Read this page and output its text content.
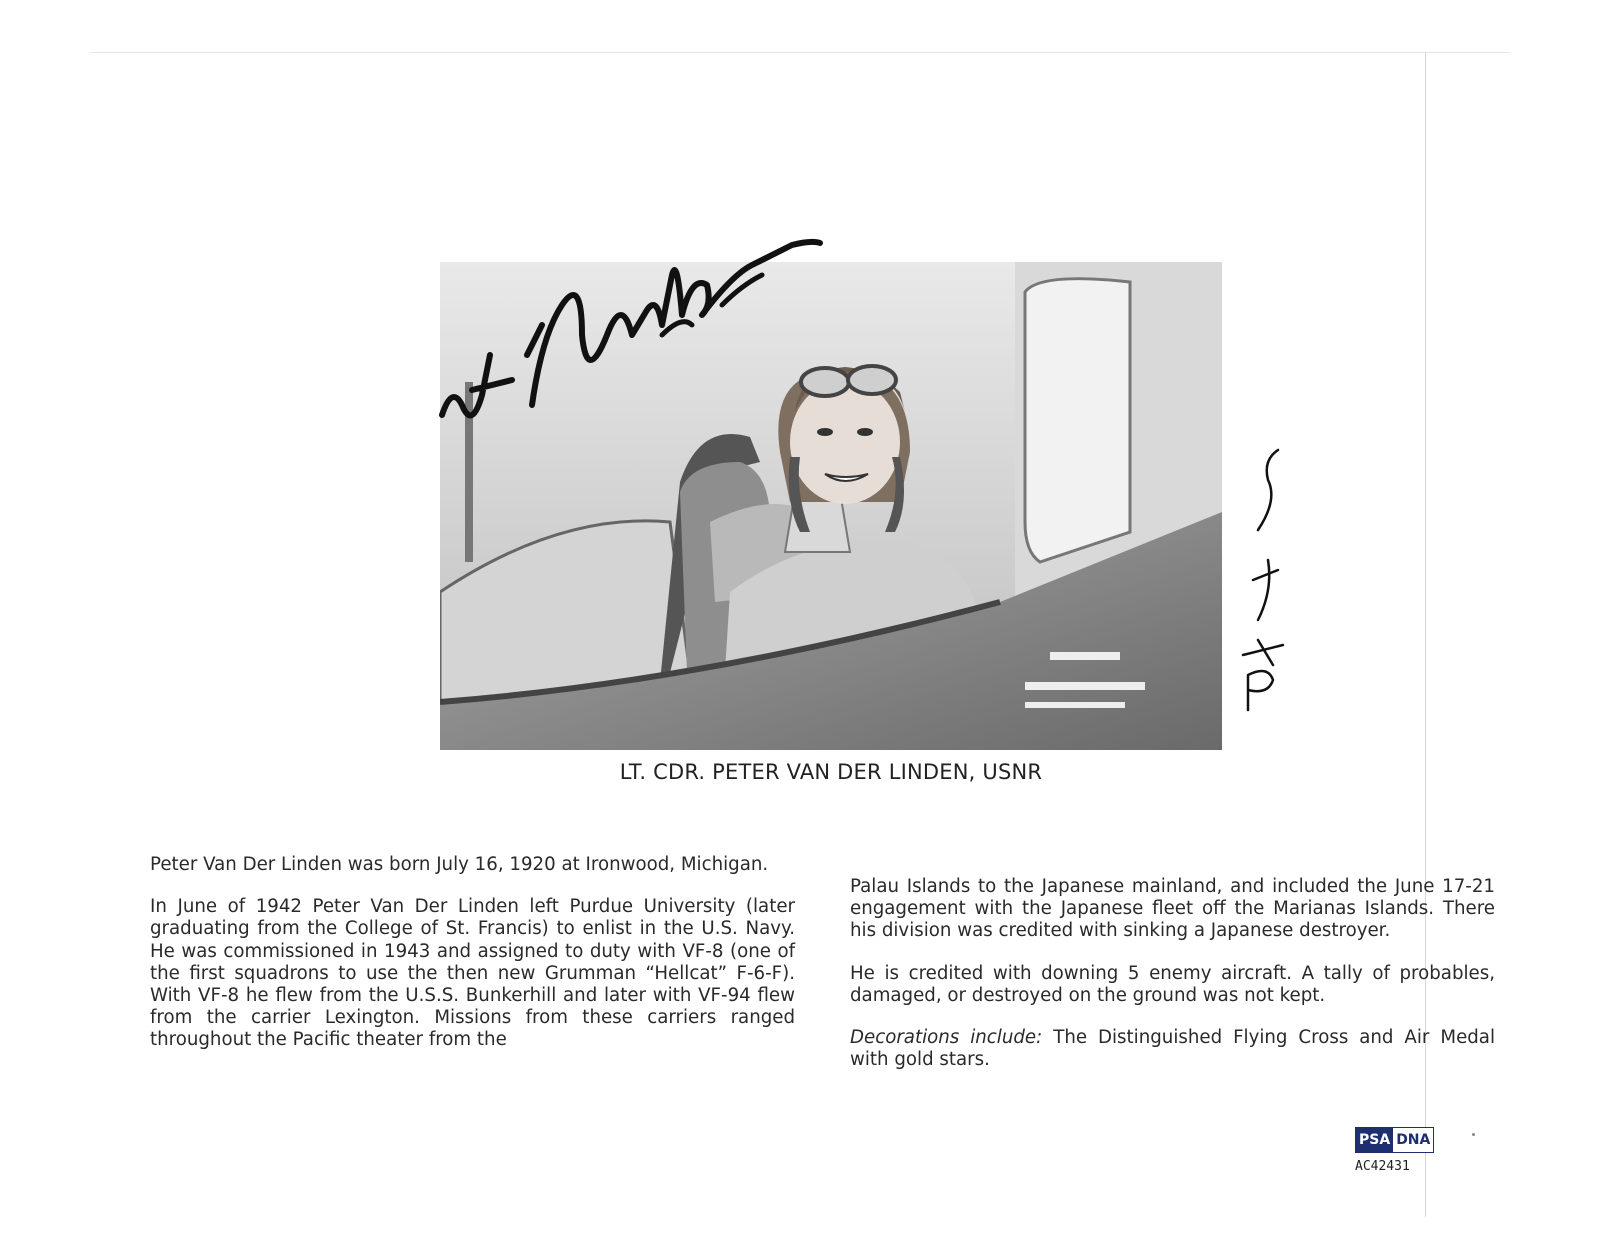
LT. CDR. PETER VAN DER LINDEN, USNR

Peter Van Der Linden was born July 16, 1920 at Ironwood, Michigan.

In June of 1942 Peter Van Der Linden left Purdue University (later graduating from the College of St. Francis) to enlist in the U.S. Navy. He was commissioned in 1943 and assigned to duty with VF-8 (one of the first squadrons to use the then new Grumman “Hellcat” F-6-F). With VF-8 he flew from the U.S.S. Bunkerhill and later with VF-94 flew from the carrier Lexington. Missions from these carriers ranged throughout the Pacific theater from the

Palau Islands to the Japanese mainland, and included the June 17-21 engagement with the Japanese fleet off the Marianas Islands. There his division was credited with sinking a Japanese destroyer.

He is credited with downing 5 enemy aircraft. A tally of probables, damaged, or destroyed on the ground was not kept.

Decorations include: The Distinguished Flying Cross and Air Medal with gold stars.

PSA DNA
AC42431
